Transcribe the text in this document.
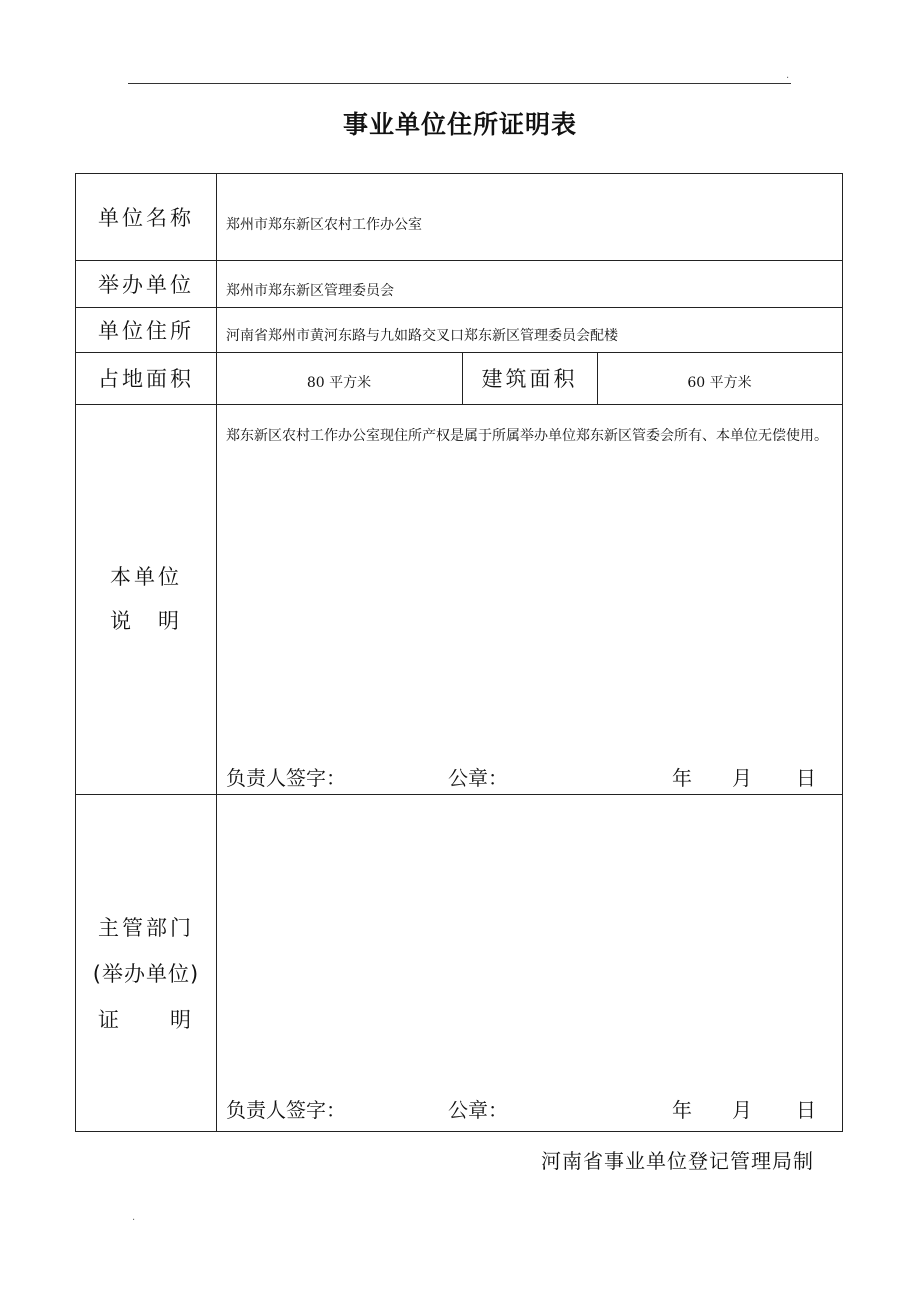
.
事业单位住所证明表
单位名称	郑州市郑东新区农村工作办公室
举办单位	郑州市郑东新区管理委员会
单位住所	河南省郑州市黄河东路与九如路交叉口郑东新区管理委员会配楼
占地面积	80 平方米	建筑面积	60 平方米
本单位
说　明
郑东新区农村工作办公室现住所产权是属于所属举办单位郑东新区管委会所有、本单位无偿使用。
负责人签字：	公章：	年 月 日
主管部门
(举办单位)
证　　明
负责人签字：	公章：	年 月 日
河南省事业单位登记管理局制
.
